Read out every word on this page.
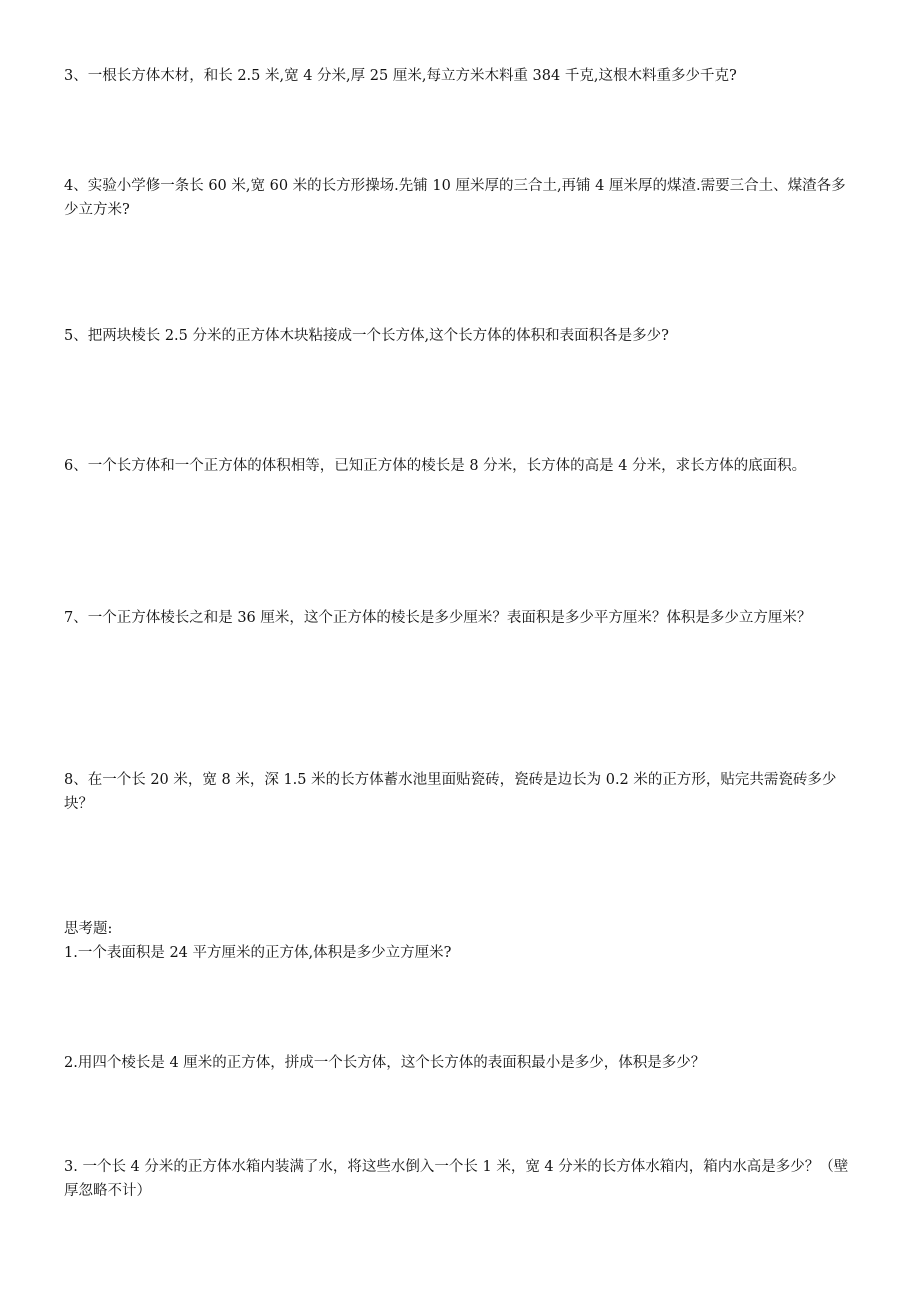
3、一根长方体木材，和长 2.5 米,宽 4 分米,厚 25 厘米,每立方米木料重 384 千克,这根木料重多少千克?

4、实验小学修一条长 60 米,宽 60 米的长方形操场.先铺 10 厘米厚的三合土,再铺 4 厘米厚的煤渣.需要三合土、煤渣各多少立方米?

5、把两块棱长 2.5 分米的正方体木块粘接成一个长方体,这个长方体的体积和表面积各是多少?

6、一个长方体和一个正方体的体积相等，已知正方体的棱长是 8 分米，长方体的高是 4 分米，求长方体的底面积。

7、一个正方体棱长之和是 36 厘米，这个正方体的棱长是多少厘米？表面积是多少平方厘米？体积是多少立方厘米？

8、在一个长 20 米，宽 8 米，深 1.5 米的长方体蓄水池里面贴瓷砖，瓷砖是边长为 0.2 米的正方形，贴完共需瓷砖多少块？

思考题:

1.一个表面积是 24 平方厘米的正方体,体积是多少立方厘米?

2.用四个棱长是 4 厘米的正方体，拼成一个长方体，这个长方体的表面积最小是多少，体积是多少？

3. 一个长 4 分米的正方体水箱内装满了水，将这些水倒入一个长 1 米，宽 4 分米的长方体水箱内，箱内水高是多少？（壁厚忽略不计）
